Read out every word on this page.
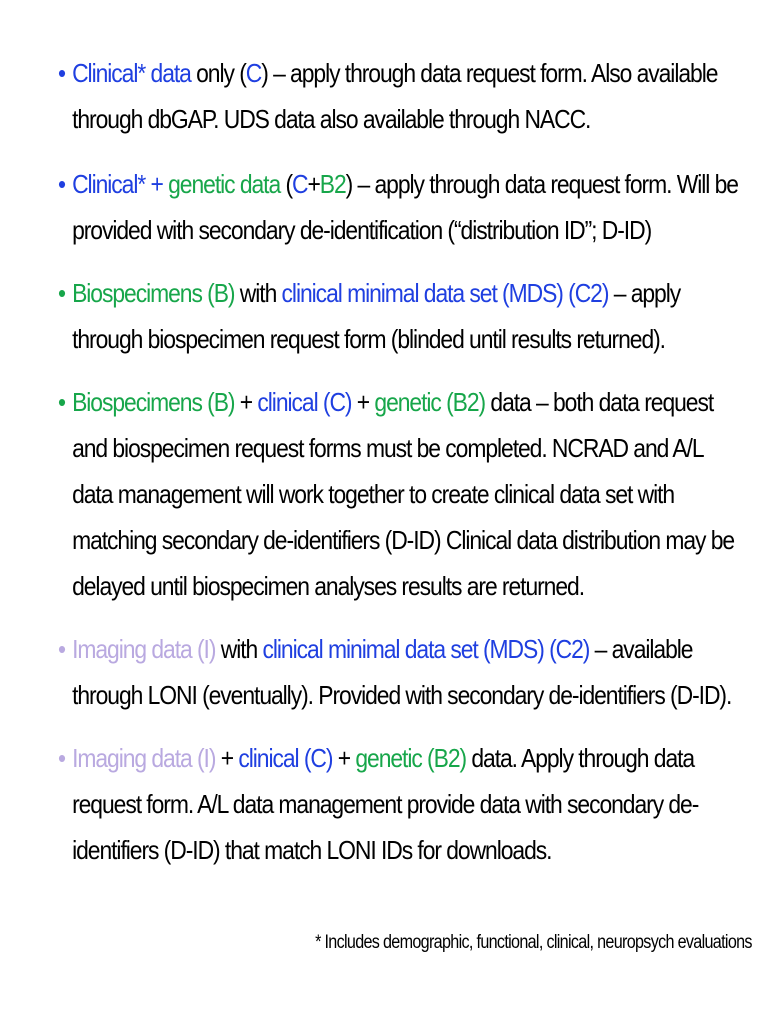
• Clinical* data only (C) – apply through data request form. Also available through dbGAP. UDS data also available through NACC.
• Clinical* + genetic data (C+B2) – apply through data request form. Will be provided with secondary de-identification (“distribution ID”; D-ID)
• Biospecimens (B) with clinical minimal data set (MDS) (C2) – apply through biospecimen request form (blinded until results returned).
• Biospecimens (B) + clinical (C) + genetic (B2) data – both data request and biospecimen request forms must be completed. NCRAD and A/L data management will work together to create clinical data set with matching secondary de-identifiers (D-ID) Clinical data distribution may be delayed until biospecimen analyses results are returned.
• Imaging data (I) with clinical minimal data set (MDS) (C2) – available through LONI (eventually). Provided with secondary de-identifiers (D-ID).
• Imaging data (I) + clinical (C) + genetic (B2) data. Apply through data request form. A/L data management provide data with secondary de-identifiers (D-ID) that match LONI IDs for downloads.
* Includes demographic, functional, clinical, neuropsych evaluations
